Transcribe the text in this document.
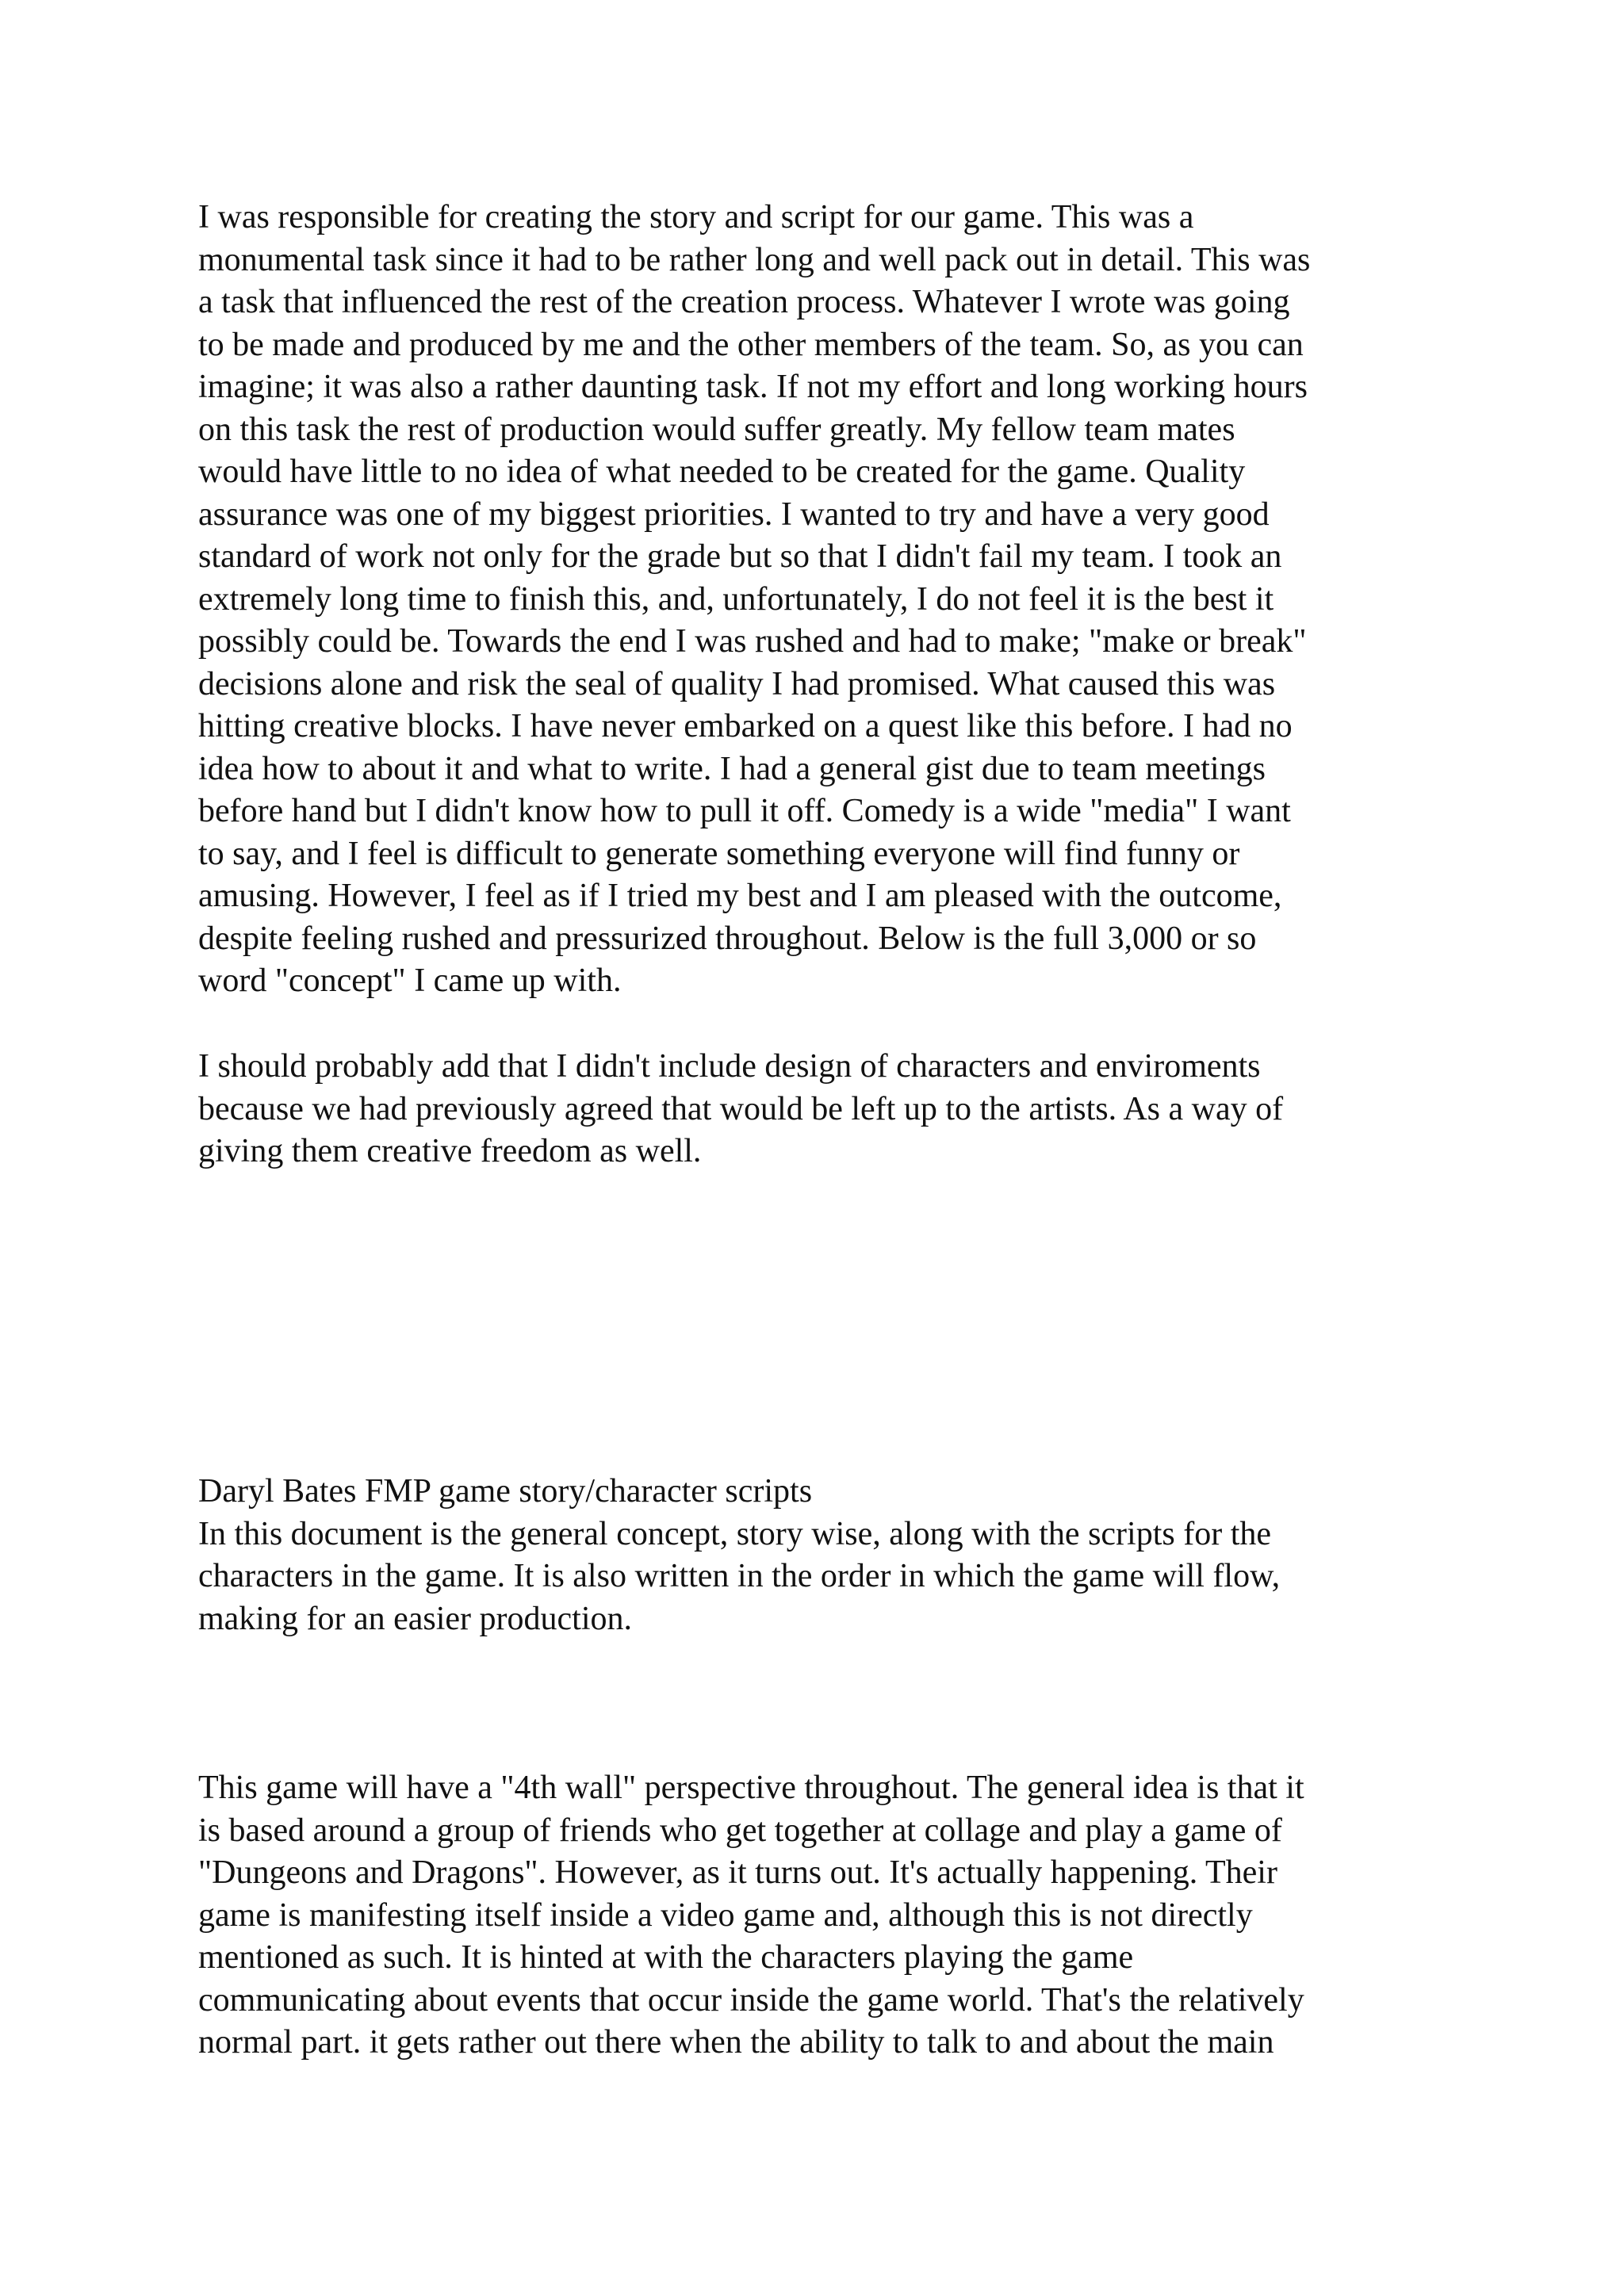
I was responsible for creating the story and script for our game. This was a
monumental task since it had to be rather long and well pack out in detail. This was
a task that influenced the rest of the creation process. Whatever I wrote was going
to be made and produced by me and the other members of the team. So, as you can
imagine; it was also a rather daunting task. If not my effort and long working hours
on this task the rest of production would suffer greatly. My fellow team mates
would have little to no idea of what needed to be created for the game. Quality
assurance was one of my biggest priorities. I wanted to try and have a very good
standard of work not only for the grade but so that I didn't fail my team. I took an
extremely long time to finish this, and, unfortunately, I do not feel it is the best it
possibly could be. Towards the end I was rushed and had to make; "make or break"
decisions alone and risk the seal of quality I had promised. What caused this was
hitting creative blocks. I have never embarked on a quest like this before. I had no
idea how to about it and what to write. I had a general gist due to team meetings
before hand but I didn't know how to pull it off. Comedy is a wide "media" I want
to say, and I feel is difficult to generate something everyone will find funny or
amusing. However, I feel as if I tried my best and I am pleased with the outcome,
despite feeling rushed and pressurized throughout. Below is the full 3,000 or so
word "concept" I came up with.
I should probably add that I didn't include design of characters and enviroments
because we had previously agreed that would be left up to the artists. As a way of
giving them creative freedom as well.
Daryl Bates FMP game story/character scripts
In this document is the general concept, story wise, along with the scripts for the
characters in the game. It is also written in the order in which the game will flow,
making for an easier production.
This game will have a "4th wall" perspective throughout. The general idea is that it
is based around a group of friends who get together at collage and play a game of
"Dungeons and Dragons". However, as it turns out. It's actually happening. Their
game is manifesting itself inside a video game and, although this is not directly
mentioned as such. It is hinted at with the characters playing the game
communicating about events that occur inside the game world. That's the relatively
normal part. it gets rather out there when the ability to talk to and about the main
